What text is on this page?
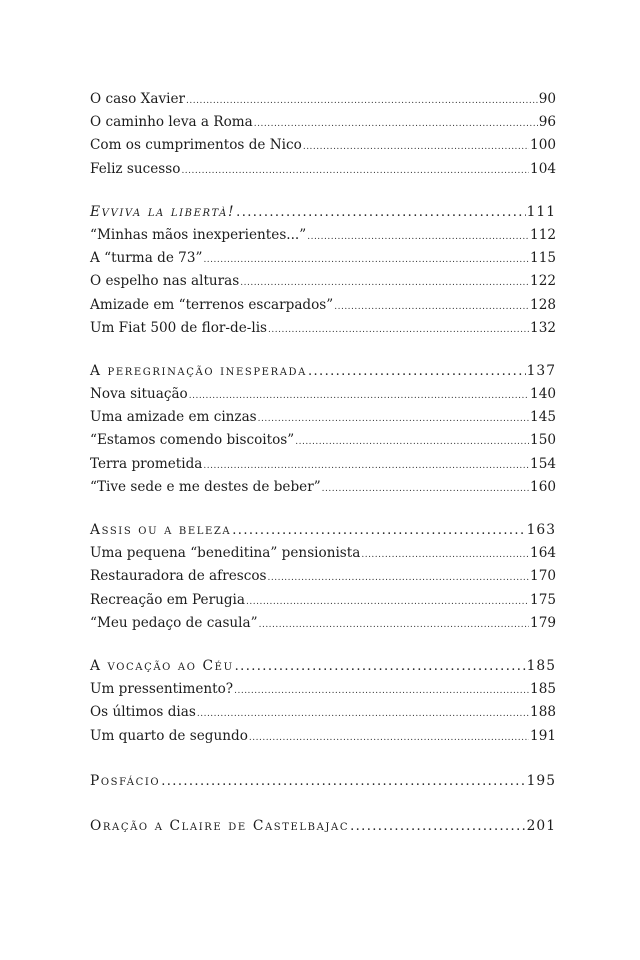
O caso Xavier .....	90
O caminho leva a Roma .....	96
Com os cumprimentos de Nico .....	100
Feliz sucesso .....	104
Evviva la libertà! .....	111
“Minhas mãos inexperientes...” .....	112
A “turma de 73” .....	115
O espelho nas alturas .....	122
Amizade em “terrenos escarpados” .....	128
Um Fiat 500 de flor-de-lis .....	132
A peregrinação inesperada .....	137
Nova situação .....	140
Uma amizade em cinzas .....	145
“Estamos comendo biscoitos” .....	150
Terra prometida .....	154
“Tive sede e me destes de beber” .....	160
Assis ou a beleza .....	163
Uma pequena “beneditina” pensionista .....	164
Restauradora de afrescos .....	170
Recreação em Perugia .....	175
“Meu pedaço de casula” .....	179
A vocação ao Céu .....	185
Um pressentimento? .....	185
Os últimos dias .....	188
Um quarto de segundo .....	191
Posfácio .....	195
Oração a Claire de Castelbajac .....	201
